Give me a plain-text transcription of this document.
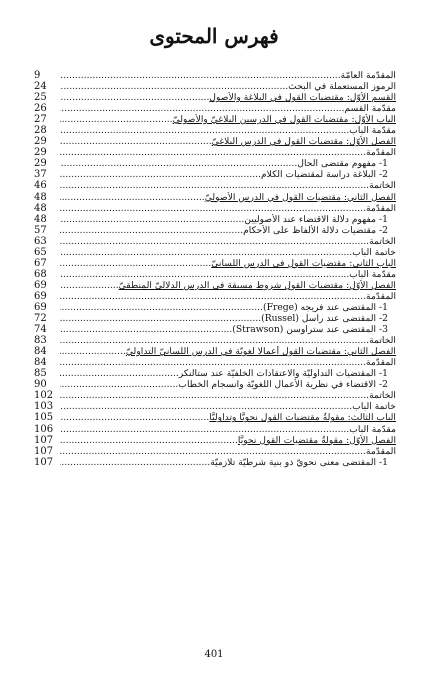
فهرس المحتوى
9	المقدّمة العامّة .....
24	الرموز المستعملة في البحث .....
25	القسم الأوّل: مقتضيات القول في البلاغة والأصول .....
26	مقدّمة القسم .....
27	الباب الأوّل: مقتضيات القول في الدرسين البلاغيّ والأصوليّ .....
28	مقدّمة الباب .....
29	الفصل الأوّل: مقتضيات القول في الدرس البلاغيّ .....
29	المقدّمة .....
29	1- مفهوم مقتضى الحال .....
37	2- البلاغة دراسة لمقتضيات الكلام .....
46	الخاتمة .....
48	الفصل الثاني: مقتضيات القول في الدرس الأصوليّ .....
48	المقدّمة .....
48	1- مفهوم دلالة الاقتضاء عند الأصوليين .....
57	2- مقتضيات دلالة الألفاظ على الأحكام .....
63	الخاتمة .....
65	خاتمة الباب .....
67	الباب الثاني: مقتضيات القول في الدرس اللسانيّ .....
68	مقدّمة الباب .....
69	الفصل الأوّل: مقتضيات القول شروط مسبقة في الدرس الدلاليّ المنطقيّ .....
69	المقدّمة .....
69	1- المقتضى عند فريجه (Frege) .....
72	2- المقتضى عند راسل (Russel) .....
74	3- المقتضى عند ستراوسن (Strawson) .....
83	الخاتمة .....
84	الفصل الثاني: مقتضيات القول أعمالا لغويّة في الدرس اللسانيّ التداوليّ .....
84	المقدّمة .....
85	1- المقتضيات التداوليّة والاعتقادات الخلفيّة عند ستالنكر .....
90	2- الاقتضاء في نظرية الأعمال اللغويّة وانسجام الخطاب .....
102	الخاتمة .....
103	خاتمة الباب .....
105	الباب الثالث: مقولةُ مقتضيات القول نحويًّا وتداوليًّا .....
106	مقدّمة الباب .....
107	الفصل الأوّل: مقولةُ مقتضيات القول نحويًّا .....
107	المقدّمة .....
107	1- المقتضى معنى نحويّ ذو بنية شرطيّة تلازميّة .....
401
